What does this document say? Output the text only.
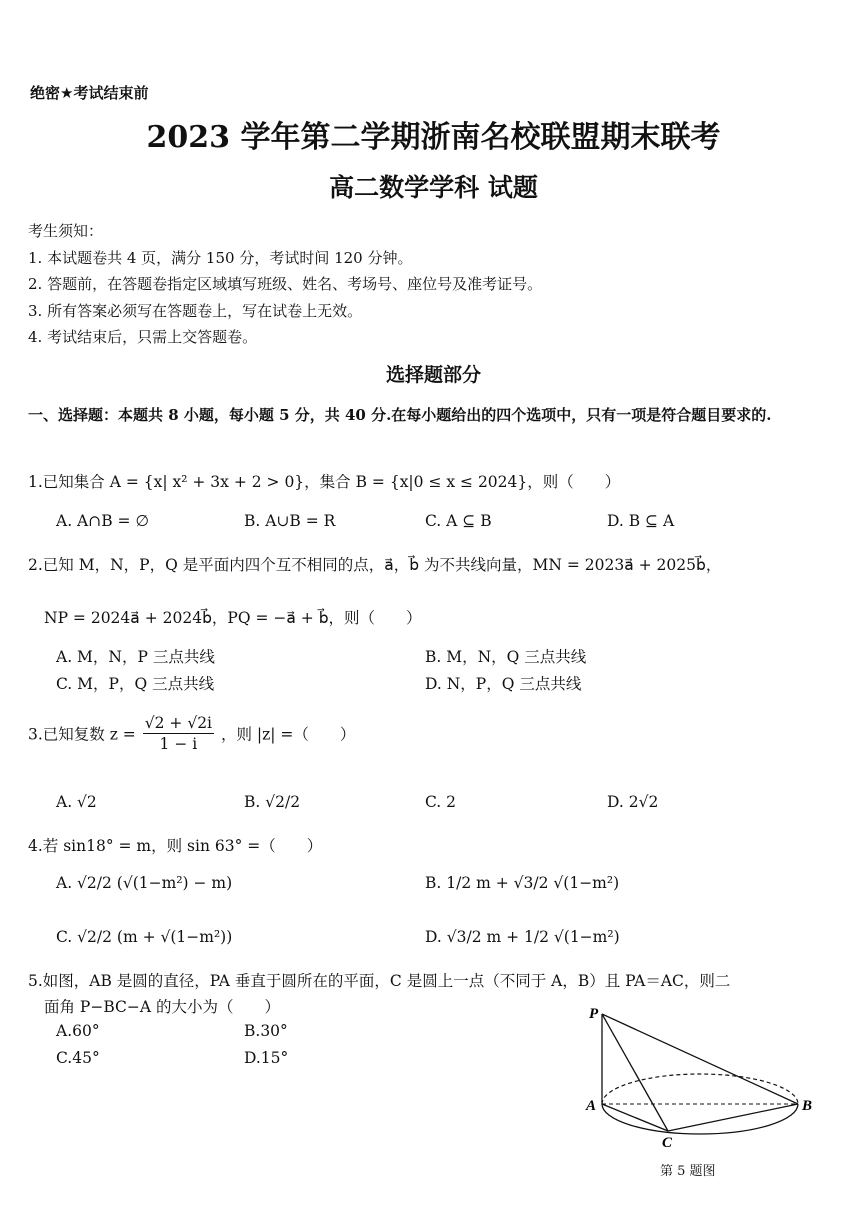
绝密★考试结束前
2023 学年第二学期浙南名校联盟期末联考
高二数学学科 试题
考生须知：
1. 本试题卷共 4 页，满分 150 分，考试时间 120 分钟。
2. 答题前，在答题卷指定区域填写班级、姓名、考场号、座位号及准考证号。
3. 所有答案必须写在答题卷上，写在试卷上无效。
4. 考试结束后，只需上交答题卷。
选择题部分
一、选择题：本题共 8 小题，每小题 5 分，共 40 分.在每小题给出的四个选项中，只有一项是符合题目要求的.
1.已知集合 A = {x| x² + 3x + 2 > 0}，集合 B = {x|0 ≤ x ≤ 2024}，则（　　）
A. A∩B = ∅	B. A∪B = R	C. A ⊆ B	D. B ⊆ A
2.已知 M，N，P，Q 是平面内四个互不相同的点，a⃗，b⃗ 为不共线向量，MN = 2023a⃗ + 2025b⃗，
NP = 2024a⃗ + 2024b⃗，PQ = −a⃗ + b⃗，则（　　）
A. M，N，P 三点共线	B. M，N，Q 三点共线
C. M，P，Q 三点共线	D. N，P，Q 三点共线
3.已知复数 $z = \frac{√2 + √2i}{1 - i}$ ，则 |z| =（　　）
A. √2	B. √2/2	C. 2	D. 2√2
4.若 sin18° = m，则 sin 63° =（　　）
A. √2/2 (√(1−m²) − m)	B. 1/2 m + √3/2 √(1−m²)
C. √2/2 (m + √(1−m²))	D. √3/2 m + 1/2 √(1−m²)
5.如图，AB 是圆的直径，PA 垂直于圆所在的平面，C 是圆上一点（不同于 A，B）且 PA＝AC，则二
面角 P−BC−A 的大小为（　　）
A.60°	B.30°
C.45°	D.15°
P
A	B
C
第 5 题图
